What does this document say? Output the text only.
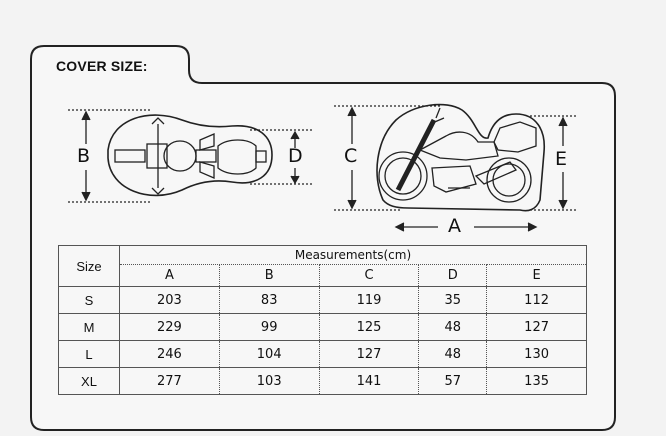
COVER SIZE:
B	D C	E
A
Size	Measurements(cm)				
	A	B	C	D	E
S	203	83	119	35	112
M	229	99	125	48	127
L	246	104	127	48	130
XL	277	103	141	57	135
